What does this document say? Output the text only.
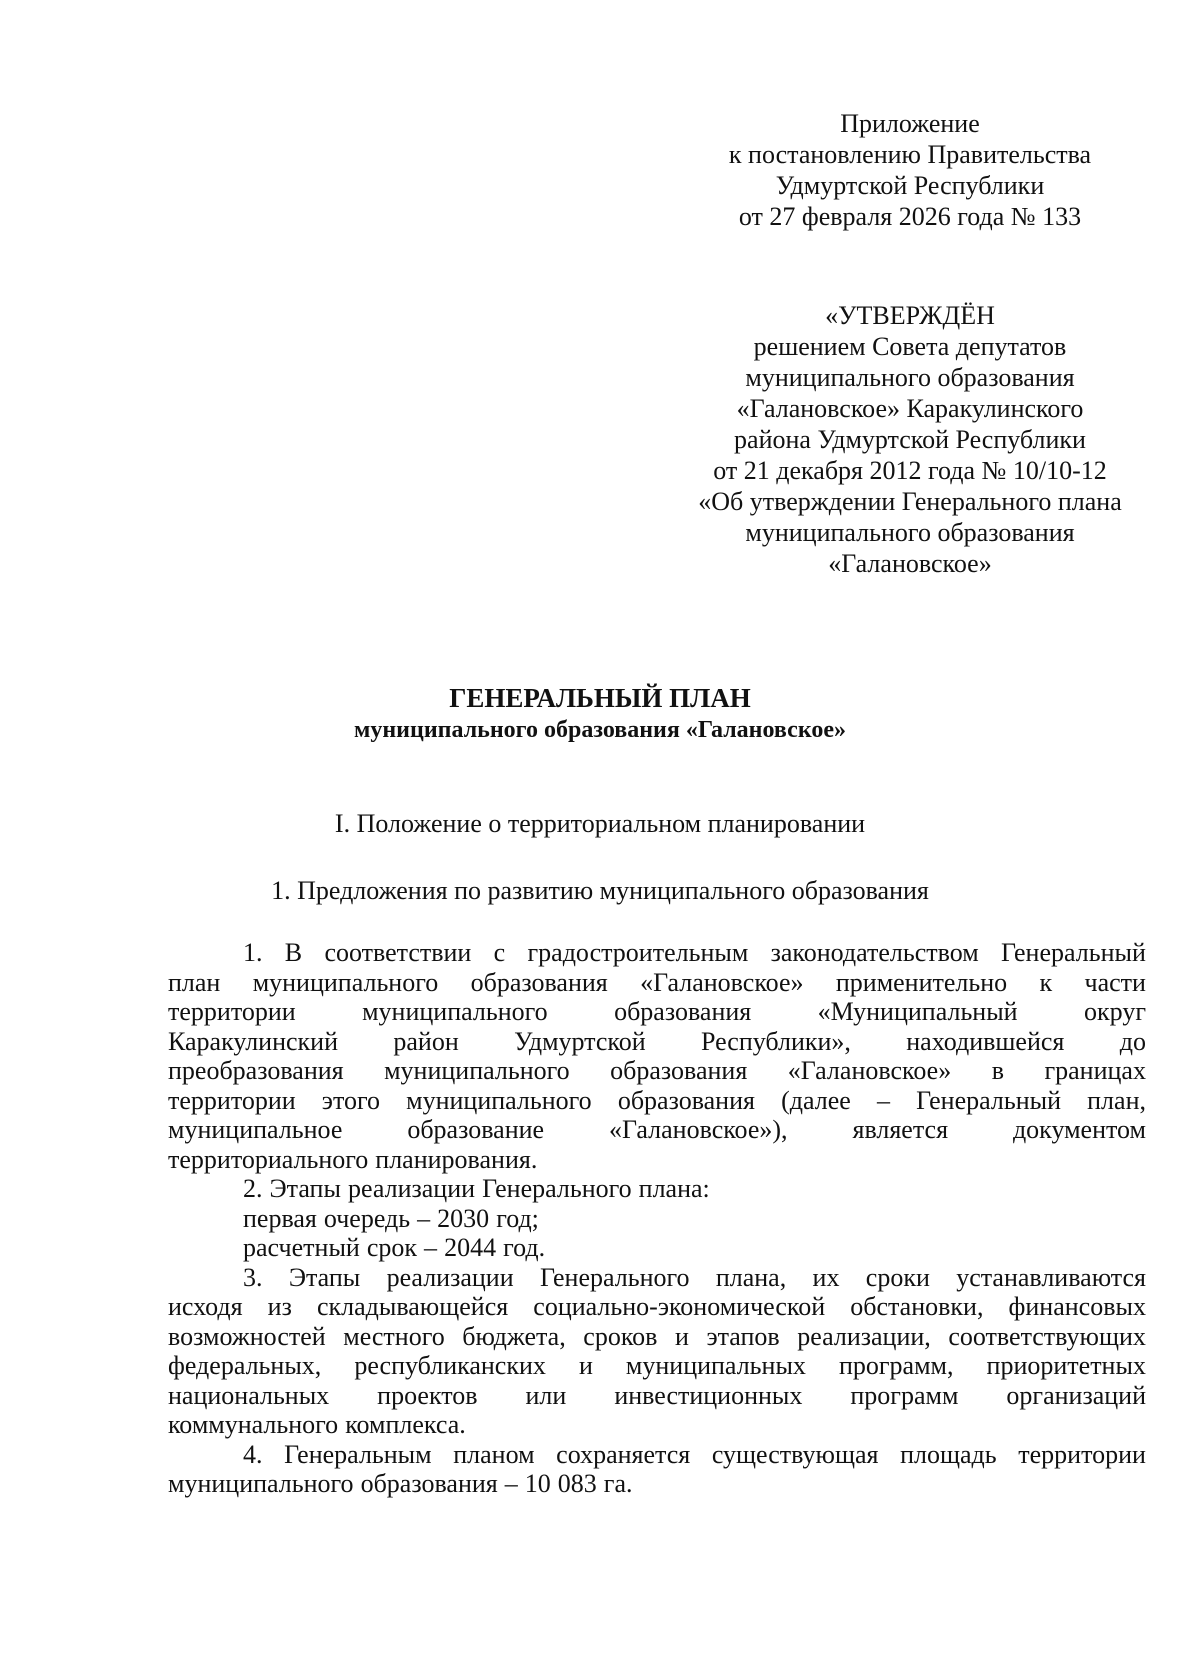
Приложение
к постановлению Правительства
Удмуртской Республики
от 27 февраля 2026 года № 133
«УТВЕРЖДЁН
решением Совета депутатов
муниципального образования
«Галановское» Каракулинского
района Удмуртской Республики
от 21 декабря 2012 года № 10/10-12
«Об утверждении Генерального плана
муниципального образования
«Галановское»
ГЕНЕРАЛЬНЫЙ ПЛАН
муниципального образования «Галановское»
I. Положение о территориальном планировании
1. Предложения по развитию муниципального образования
1. В соответствии с градостроительным законодательством Генеральный
план муниципального образования «Галановское» применительно к части
территории	муниципального	образования	«Муниципальный	округ
Каракулинский район Удмуртской Республики», находившейся до
преобразования муниципального образования «Галановское» в границах
территории этого муниципального образования (далее – Генеральный план,
муниципальное образование «Галановское»), является документом
территориального планирования.
2. Этапы реализации Генерального плана:
первая очередь – 2030 год;
расчетный срок – 2044 год.
3. Этапы реализации Генерального плана, их сроки устанавливаются
исходя из складывающейся социально-экономической обстановки, финансовых
возможностей местного бюджета, сроков и этапов реализации, соответствующих
федеральных, республиканских и муниципальных программ, приоритетных
национальных проектов или инвестиционных программ организаций
коммунального комплекса.
4. Генеральным планом сохраняется существующая площадь территории
муниципального образования – 10 083 га.
